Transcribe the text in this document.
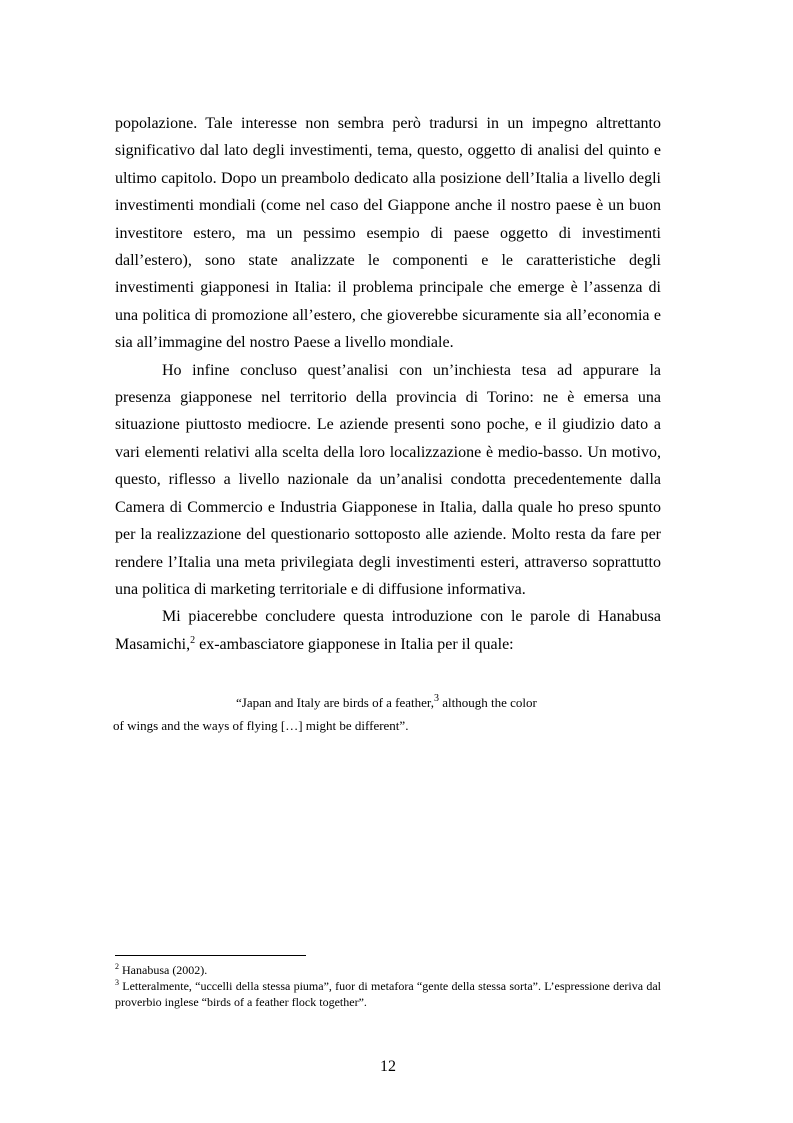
popolazione. Tale interesse non sembra però tradursi in un impegno altrettanto significativo dal lato degli investimenti, tema, questo, oggetto di analisi del quinto e ultimo capitolo. Dopo un preambolo dedicato alla posizione dell’Italia a livello degli investimenti mondiali (come nel caso del Giappone anche il nostro paese è un buon investitore estero, ma un pessimo esempio di paese oggetto di investimenti dall’estero), sono state analizzate le componenti e le caratteristiche degli investimenti giapponesi in Italia: il problema principale che emerge è l’assenza di una politica di promozione all’estero, che gioverebbe sicuramente sia all’economia e sia all’immagine del nostro Paese a livello mondiale.

Ho infine concluso quest’analisi con un’inchiesta tesa ad appurare la presenza giapponese nel territorio della provincia di Torino: ne è emersa una situazione piuttosto mediocre. Le aziende presenti sono poche, e il giudizio dato a vari elementi relativi alla scelta della loro localizzazione è medio-basso. Un motivo, questo, riflesso a livello nazionale da un’analisi condotta precedentemente dalla Camera di Commercio e Industria Giapponese in Italia, dalla quale ho preso spunto per la realizzazione del questionario sottoposto alle aziende. Molto resta da fare per rendere l’Italia una meta privilegiata degli investimenti esteri, attraverso soprattutto una politica di marketing territoriale e di diffusione informativa.

Mi piacerebbe concludere questa introduzione con le parole di Hanabusa Masamichi,$^2$ ex-ambasciatore giapponese in Italia per il quale:

“Japan and Italy are birds of a feather,$^3$ although the color
of wings and the ways of flying […] might be different”.

$^2$ Hanabusa (2002).

$^3$ Letteralmente, “uccelli della stessa piuma”, fuor di metafora “gente della stessa sorta”. L’espressione deriva dal proverbio inglese “birds of a feather flock together”.

12
